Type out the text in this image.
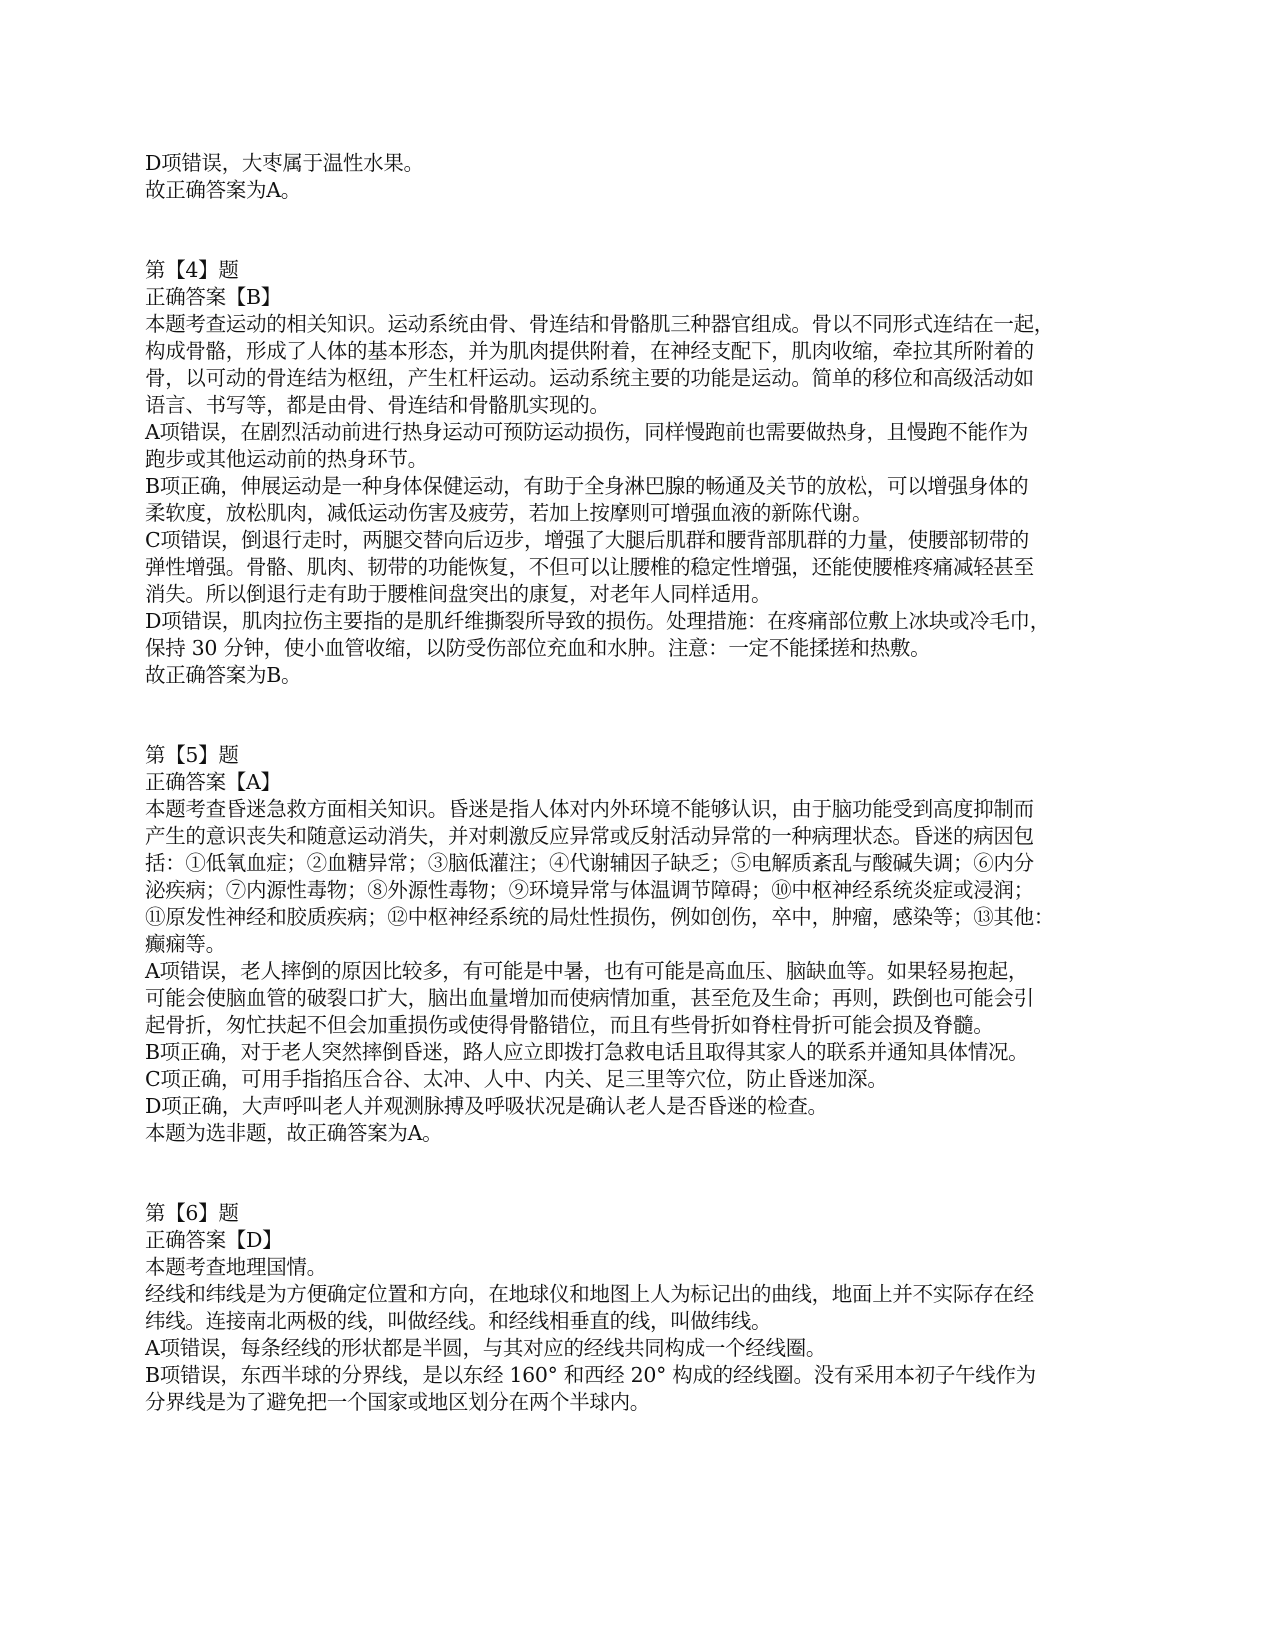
D项错误，大枣属于温性水果。
故正确答案为A。
第【4】题
正确答案【B】
本题考查运动的相关知识。运动系统由骨、骨连结和骨骼肌三种器官组成。骨以不同形式连结在一起，
构成骨骼，形成了人体的基本形态，并为肌肉提供附着，在神经支配下，肌肉收缩，牵拉其所附着的
骨，以可动的骨连结为枢纽，产生杠杆运动。运动系统主要的功能是运动。简单的移位和高级活动如
语言、书写等，都是由骨、骨连结和骨骼肌实现的。
A项错误，在剧烈活动前进行热身运动可预防运动损伤，同样慢跑前也需要做热身，且慢跑不能作为
跑步或其他运动前的热身环节。
B项正确，伸展运动是一种身体保健运动，有助于全身淋巴腺的畅通及关节的放松，可以增强身体的
柔软度，放松肌肉，减低运动伤害及疲劳，若加上按摩则可增强血液的新陈代谢。
C项错误，倒退行走时，两腿交替向后迈步，增强了大腿后肌群和腰背部肌群的力量，使腰部韧带的
弹性增强。骨骼、肌肉、韧带的功能恢复，不但可以让腰椎的稳定性增强，还能使腰椎疼痛减轻甚至
消失。所以倒退行走有助于腰椎间盘突出的康复，对老年人同样适用。
D项错误，肌肉拉伤主要指的是肌纤维撕裂所导致的损伤。处理措施：在疼痛部位敷上冰块或冷毛巾，
保持 30 分钟，使小血管收缩，以防受伤部位充血和水肿。注意：一定不能揉搓和热敷。
故正确答案为B。
第【5】题
正确答案【A】
本题考查昏迷急救方面相关知识。昏迷是指人体对内外环境不能够认识，由于脑功能受到高度抑制而
产生的意识丧失和随意运动消失，并对刺激反应异常或反射活动异常的一种病理状态。昏迷的病因包
括：①低氧血症；②血糖异常；③脑低灌注；④代谢辅因子缺乏；⑤电解质紊乱与酸碱失调；⑥内分
泌疾病；⑦内源性毒物；⑧外源性毒物；⑨环境异常与体温调节障碍；⑩中枢神经系统炎症或浸润；
⑪原发性神经和胶质疾病；⑫中枢神经系统的局灶性损伤，例如创伤，卒中，肿瘤，感染等；⑬其他：
癫痫等。
A项错误，老人摔倒的原因比较多，有可能是中暑，也有可能是高血压、脑缺血等。如果轻易抱起，
可能会使脑血管的破裂口扩大，脑出血量增加而使病情加重，甚至危及生命；再则，跌倒也可能会引
起骨折，匆忙扶起不但会加重损伤或使得骨骼错位，而且有些骨折如脊柱骨折可能会损及脊髓。
B项正确，对于老人突然摔倒昏迷，路人应立即拨打急救电话且取得其家人的联系并通知具体情况。
C项正确，可用手指掐压合谷、太冲、人中、内关、足三里等穴位，防止昏迷加深。
D项正确，大声呼叫老人并观测脉搏及呼吸状况是确认老人是否昏迷的检查。
本题为选非题，故正确答案为A。
第【6】题
正确答案【D】
本题考查地理国情。
经线和纬线是为方便确定位置和方向，在地球仪和地图上人为标记出的曲线，地面上并不实际存在经
纬线。连接南北两极的线，叫做经线。和经线相垂直的线，叫做纬线。
A项错误，每条经线的形状都是半圆，与其对应的经线共同构成一个经线圈。
B项错误，东西半球的分界线，是以东经 160° 和西经 20° 构成的经线圈。没有采用本初子午线作为
分界线是为了避免把一个国家或地区划分在两个半球内。
